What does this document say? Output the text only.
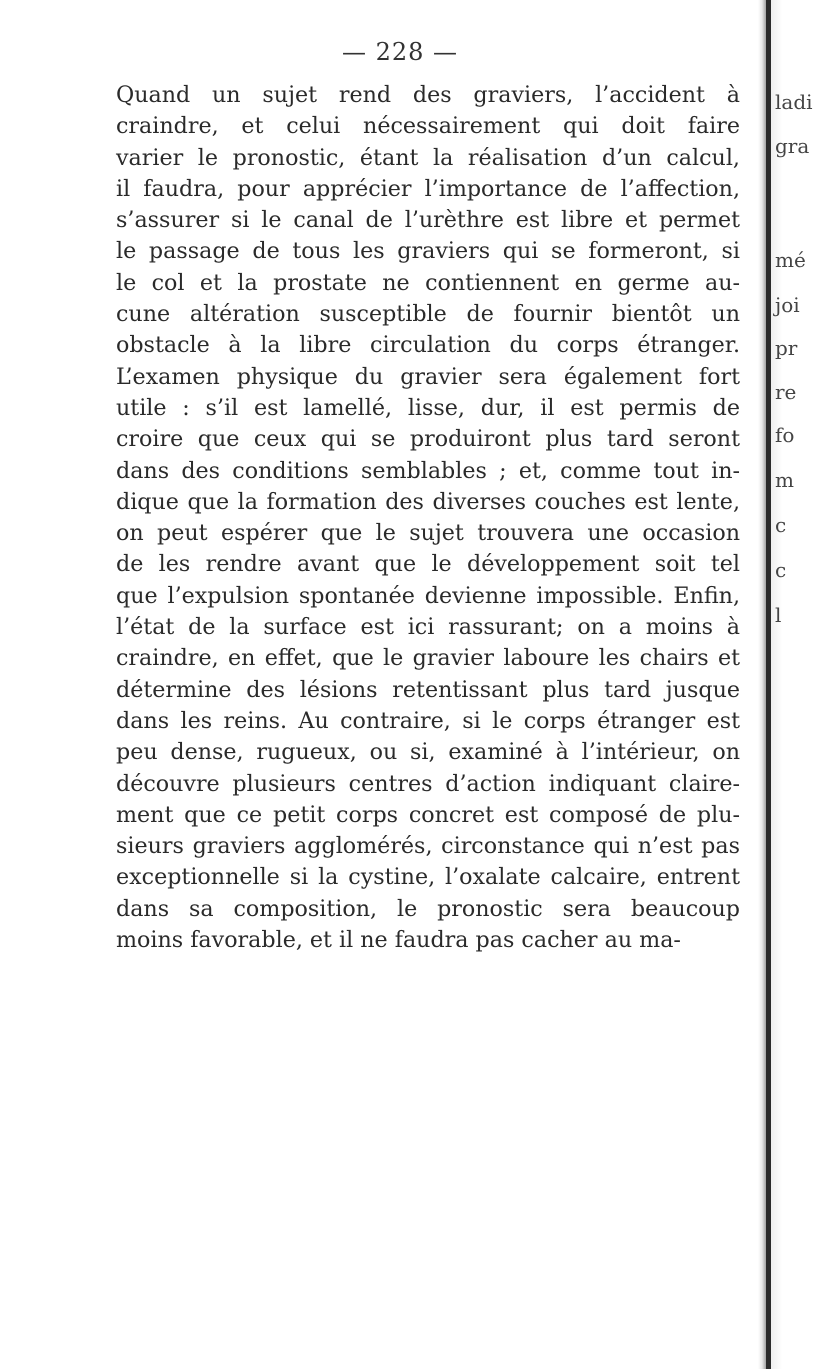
— 228 —
Quand un sujet rend des graviers, l’accident à
craindre, et celui nécessairement qui doit faire
varier le pronostic, étant la réalisation d’un calcul,
il faudra, pour apprécier l’importance de l’affection,
s’assurer si le canal de l’urèthre est libre et permet
le passage de tous les graviers qui se formeront, si
le col et la prostate ne contiennent en germe au-
cune altération susceptible de fournir bientôt un
obstacle à la libre circulation du corps étranger.
L’examen physique du gravier sera également fort
utile : s’il est lamellé, lisse, dur, il est permis de
croire que ceux qui se produiront plus tard seront
dans des conditions semblables ; et, comme tout in-
dique que la formation des diverses couches est lente,
on peut espérer que le sujet trouvera une occasion
de les rendre avant que le développement soit tel
que l’expulsion spontanée devienne impossible. Enfin,
l’état de la surface est ici rassurant; on a moins à
craindre, en effet, que le gravier laboure les chairs et
détermine des lésions retentissant plus tard jusque
dans les reins. Au contraire, si le corps étranger est
peu dense, rugueux, ou si, examiné à l’intérieur, on
découvre plusieurs centres d’action indiquant claire-
ment que ce petit corps concret est composé de plu-
sieurs graviers agglomérés, circonstance qui n’est pas
exceptionnelle si la cystine, l’oxalate calcaire, entrent
dans sa composition, le pronostic sera beaucoup
moins favorable, et il ne faudra pas cacher au ma-
ladi
gra
mé
joi
pr
re
fo
m
c
c
l
